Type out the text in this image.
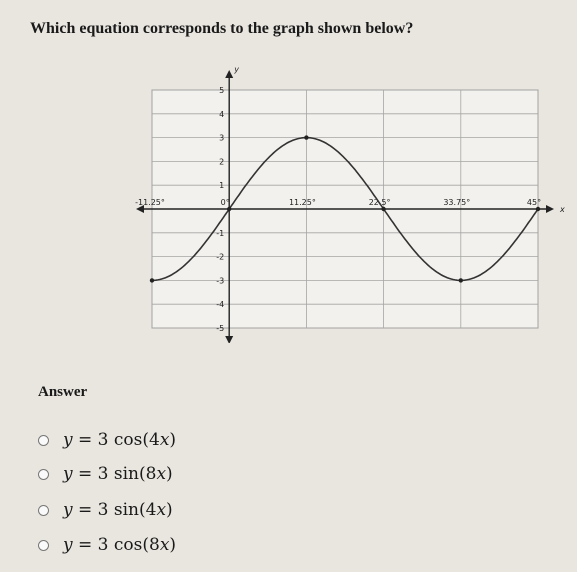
Which equation corresponds to the graph shown below?

x
y
-11.25°	0°	11.25°	22.5°	33.75°	45°
5
4
3
2
1
-1
-2
-3
-4
-5
Answer
y = 3 cos(4x)
y = 3 sin(8x)
y = 3 sin(4x)
y = 3 cos(8x)
